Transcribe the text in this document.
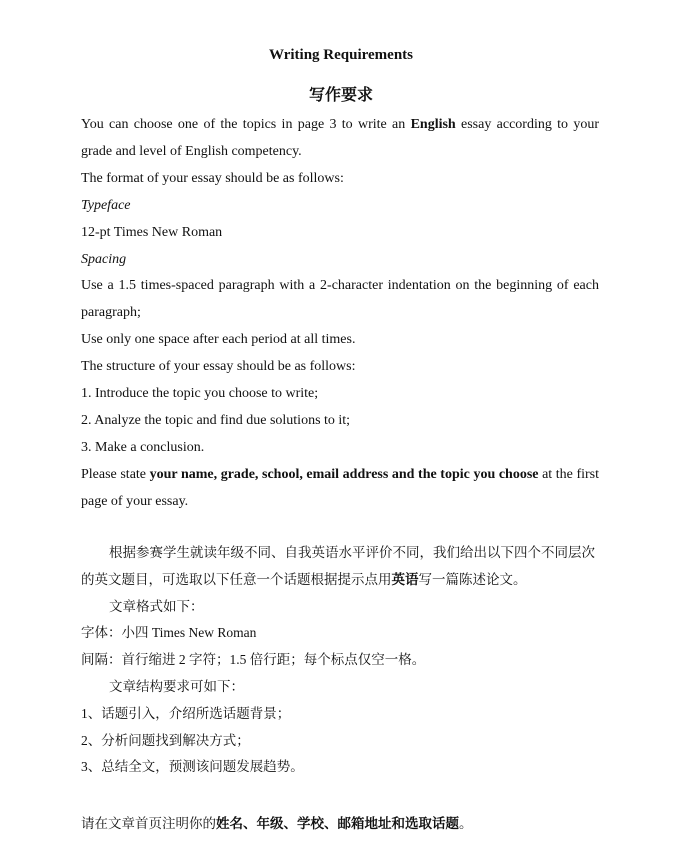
Writing Requirements
写作要求

You can choose one of the topics in page 3 to write an English essay according to your grade and level of English competency.

The format of your essay should be as follows:

Typeface

12-pt Times New Roman

Spacing

Use a 1.5 times-spaced paragraph with a 2-character indentation on the beginning of each paragraph;

Use only one space after each period at all times.

The structure of your essay should be as follows:

1. Introduce the topic you choose to write;

2. Analyze the topic and find due solutions to it;

3. Make a conclusion.

Please state your name, grade, school, email address and the topic you choose at the first page of your essay.

根据参赛学生就读年级不同、自我英语水平评价不同，我们给出以下四个不同层次的英文题目，可选取以下任意一个话题根据提示点用英语写一篇陈述论文。

文章格式如下：

字体：小四 Times New Roman

间隔：首行缩进 2 字符；1.5 倍行距；每个标点仅空一格。

文章结构要求可如下：

1、话题引入，介绍所选话题背景；

2、分析问题找到解决方式；

3、总结全文，预测该问题发展趋势。

请在文章首页注明你的姓名、年级、学校、邮箱地址和选取话题。
